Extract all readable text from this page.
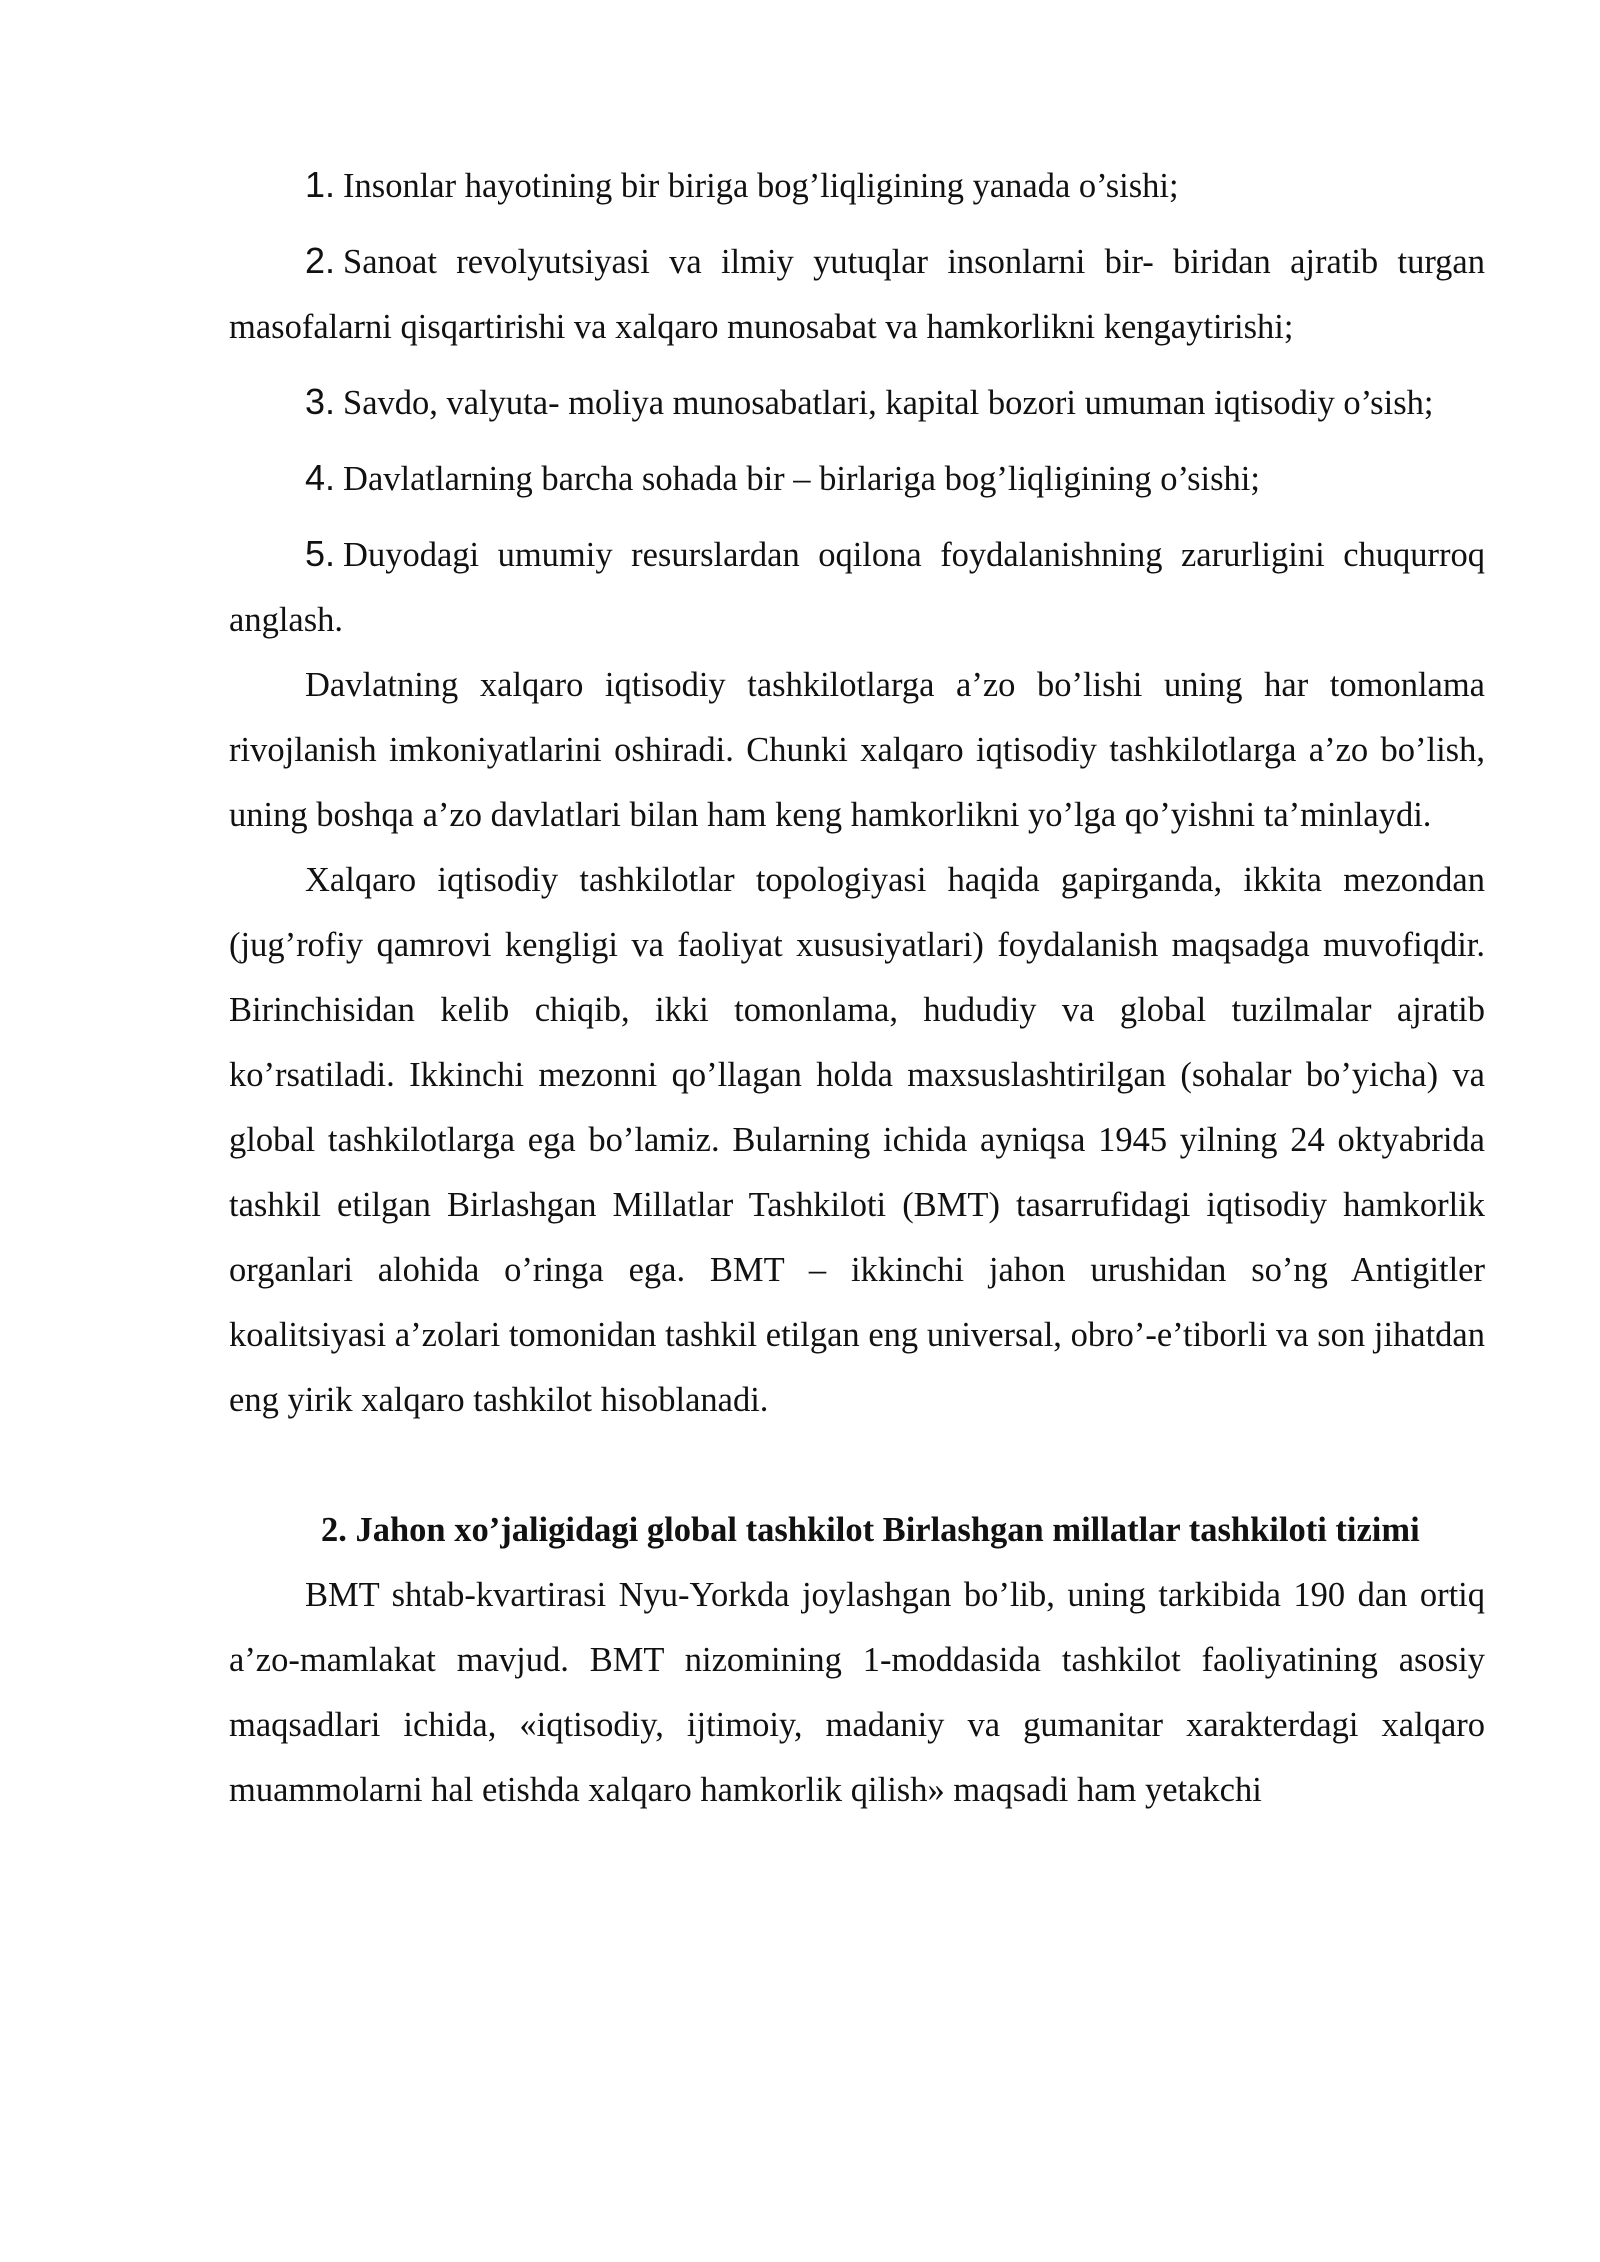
1. Insonlar hayotining bir biriga bog’liqligining yanada o’sishi;

2. Sanoat revolyutsiyasi va ilmiy yutuqlar insonlarni bir- biridan ajratib turgan masofalarni qisqartirishi va xalqaro munosabat va hamkorlikni kengaytirishi;

3. Savdo, valyuta- moliya munosabatlari, kapital bozori umuman iqtisodiy o’sish;

4. Davlatlarning barcha sohada bir – birlariga bog’liqligining o’sishi;

5. Duyodagi umumiy resurslardan oqilona foydalanishning zarurligini chuqurroq anglash.

Davlatning xalqaro iqtisodiy tashkilotlarga a’zo bo’lishi uning har tomonlama rivojlanish imkoniyatlarini oshiradi. Chunki xalqaro iqtisodiy tashkilotlarga a’zo bo’lish, uning boshqa a’zo davlatlari bilan ham keng hamkorlikni yo’lga qo’yishni ta’minlaydi.

Xalqaro iqtisodiy tashkilotlar topologiyasi haqida gapirganda, ikkita mezondan (jug’rofiy qamrovi kengligi va faoliyat xususiyatlari) foydalanish maqsadga muvofiqdir. Birinchisidan kelib chiqib, ikki tomonlama, hududiy va global tuzilmalar ajratib ko’rsatiladi. Ikkinchi mezonni qo’llagan holda maxsuslashtirilgan (sohalar bo’yicha) va global tashkilotlarga ega bo’lamiz. Bularning ichida ayniqsa 1945 yilning 24 oktyabrida tashkil etilgan Birlashgan Millatlar Tashkiloti (BMT) tasarrufidagi iqtisodiy hamkorlik organlari alohida o’ringa ega. BMT – ikkinchi jahon urushidan so’ng Antigitler koalitsiyasi a’zolari tomonidan tashkil etilgan eng universal, obro’-e’tiborli va son jihatdan eng yirik xalqaro tashkilot hisoblanadi.

2. Jahon xo’jaligidagi global tashkilot Birlashgan millatlar tashkiloti tizimi

BMT shtab-kvartirasi Nyu-Yorkda joylashgan bo’lib, uning tarkibida 190 dan ortiq a’zo-mamlakat mavjud. BMT nizomining 1-moddasida tashkilot faoliyatining asosiy maqsadlari ichida, «iqtisodiy, ijtimoiy, madaniy va gumanitar xarakterdagi xalqaro muammolarni hal etishda xalqaro hamkorlik qilish» maqsadi ham yetakchi
